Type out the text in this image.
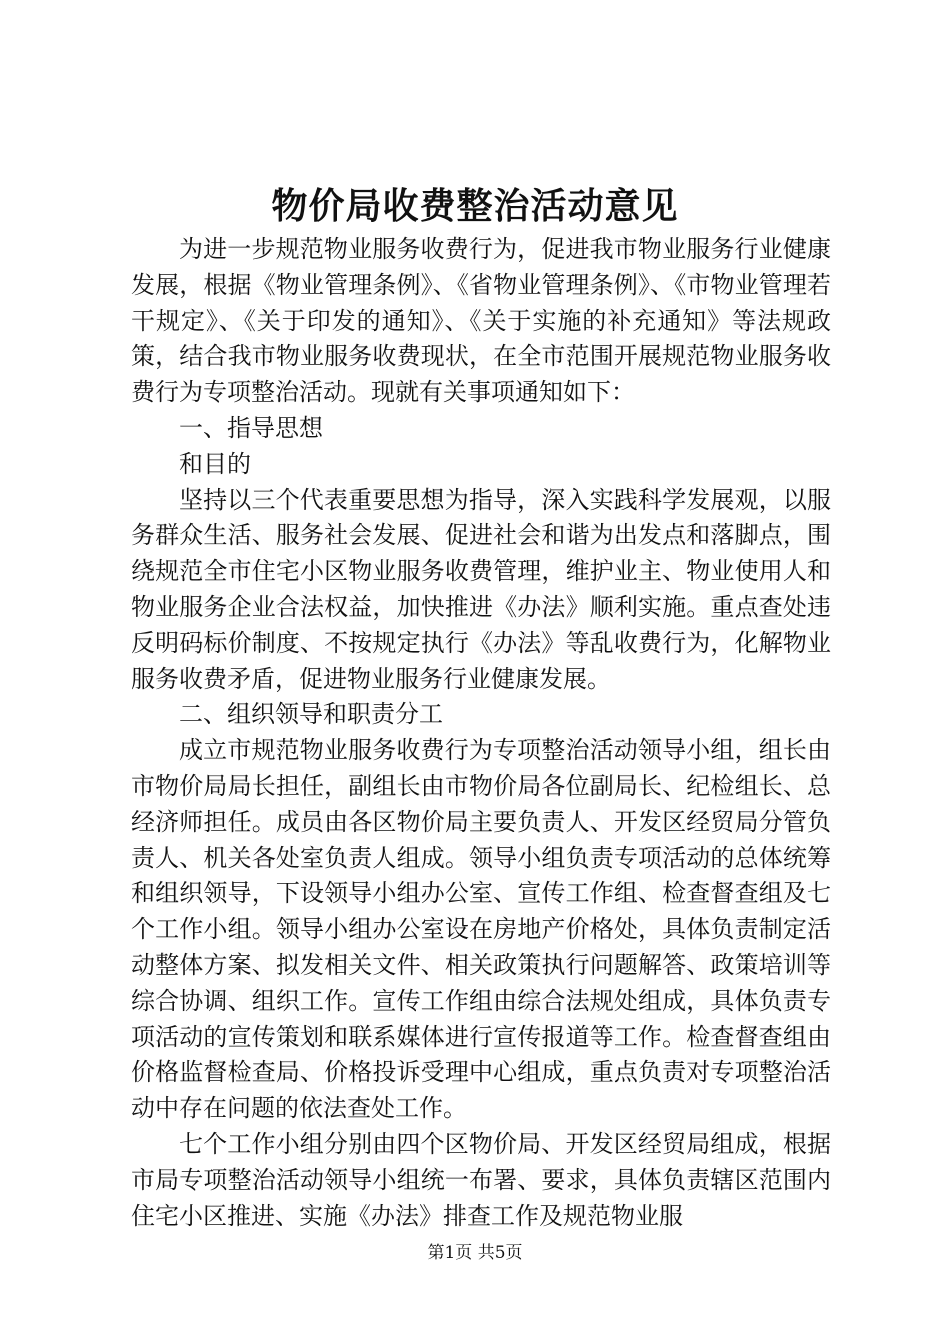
物价局收费整治活动意见

为进一步规范物业服务收费行为，促进我市物业服务行业健康发展，根据《物业管理条例》、《省物业管理条例》、《市物业管理若干规定》、《关于印发的通知》、《关于实施的补充通知》等法规政策，结合我市物业服务收费现状，在全市范围开展规范物业服务收费行为专项整治活动。现就有关事项通知如下：

一、指导思想

和目的

坚持以三个代表重要思想为指导，深入实践科学发展观，以服务群众生活、服务社会发展、促进社会和谐为出发点和落脚点，围绕规范全市住宅小区物业服务收费管理，维护业主、物业使用人和物业服务企业合法权益，加快推进《办法》顺利实施。重点查处违反明码标价制度、不按规定执行《办法》等乱收费行为，化解物业服务收费矛盾，促进物业服务行业健康发展。

二、组织领导和职责分工

成立市规范物业服务收费行为专项整治活动领导小组，组长由市物价局局长担任，副组长由市物价局各位副局长、纪检组长、总经济师担任。成员由各区物价局主要负责人、开发区经贸局分管负责人、机关各处室负责人组成。领导小组负责专项活动的总体统筹和组织领导，下设领导小组办公室、宣传工作组、检查督查组及七个工作小组。领导小组办公室设在房地产价格处，具体负责制定活动整体方案、拟发相关文件、相关政策执行问题解答、政策培训等综合协调、组织工作。宣传工作组由综合法规处组成，具体负责专项活动的宣传策划和联系媒体进行宣传报道等工作。检查督查组由价格监督检查局、价格投诉受理中心组成，重点负责对专项整治活动中存在问题的依法查处工作。

七个工作小组分别由四个区物价局、开发区经贸局组成，根据市局专项整治活动领导小组统一布署、要求，具体负责辖区范围内住宅小区推进、实施《办法》排查工作及规范物业服

第1页 共5页
